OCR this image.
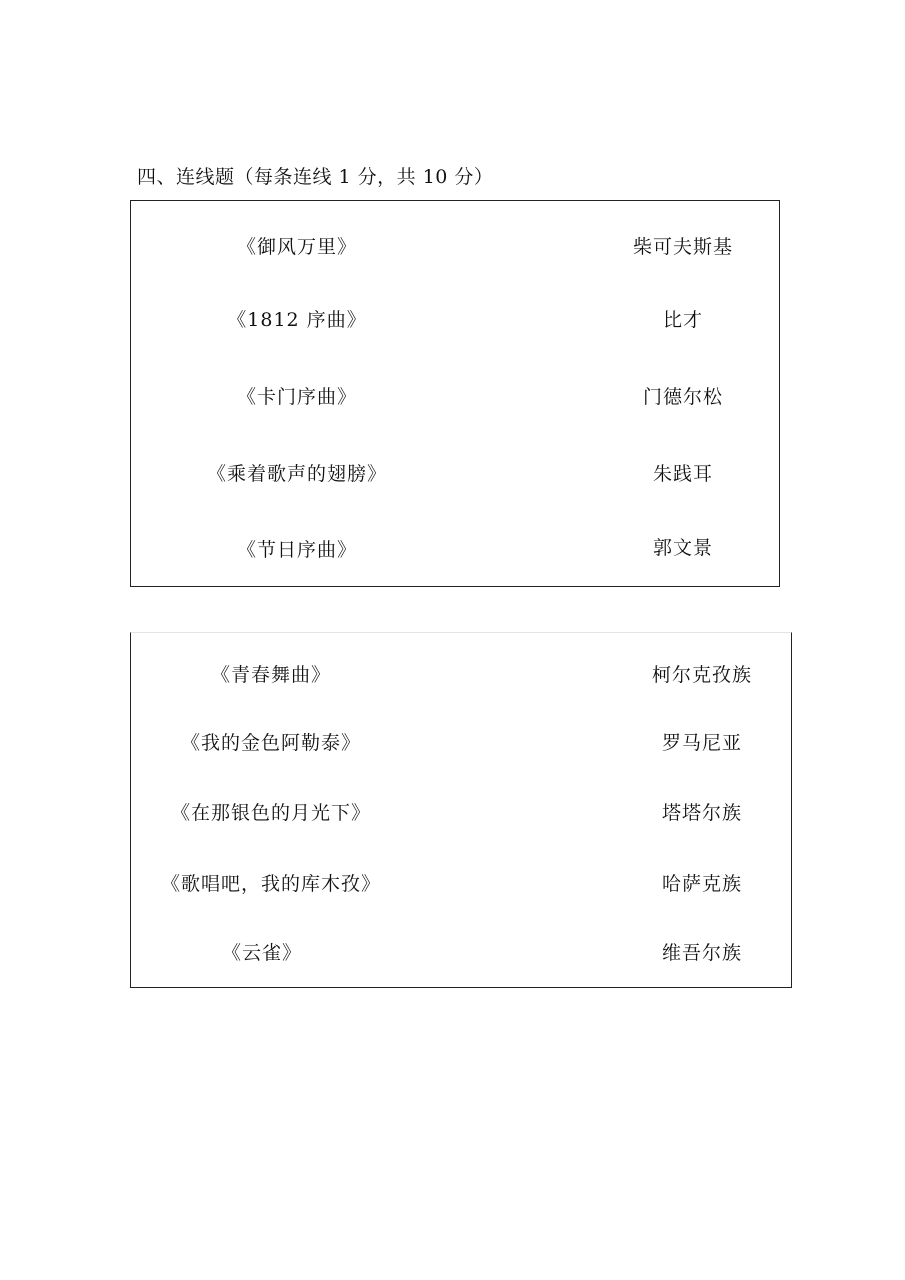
四、连线题（每条连线 1 分，共 10 分）
《御风万里》
《1812 序曲》
《卡门序曲》
《乘着歌声的翅膀》
《节日序曲》
柴可夫斯基
比才
门德尔松
朱践耳
郭文景
《青春舞曲》
《我的金色阿勒泰》
《在那银色的月光下》
《歌唱吧，我的库木孜》
《云雀》
柯尔克孜族
罗马尼亚
塔塔尔族
哈萨克族
维吾尔族
